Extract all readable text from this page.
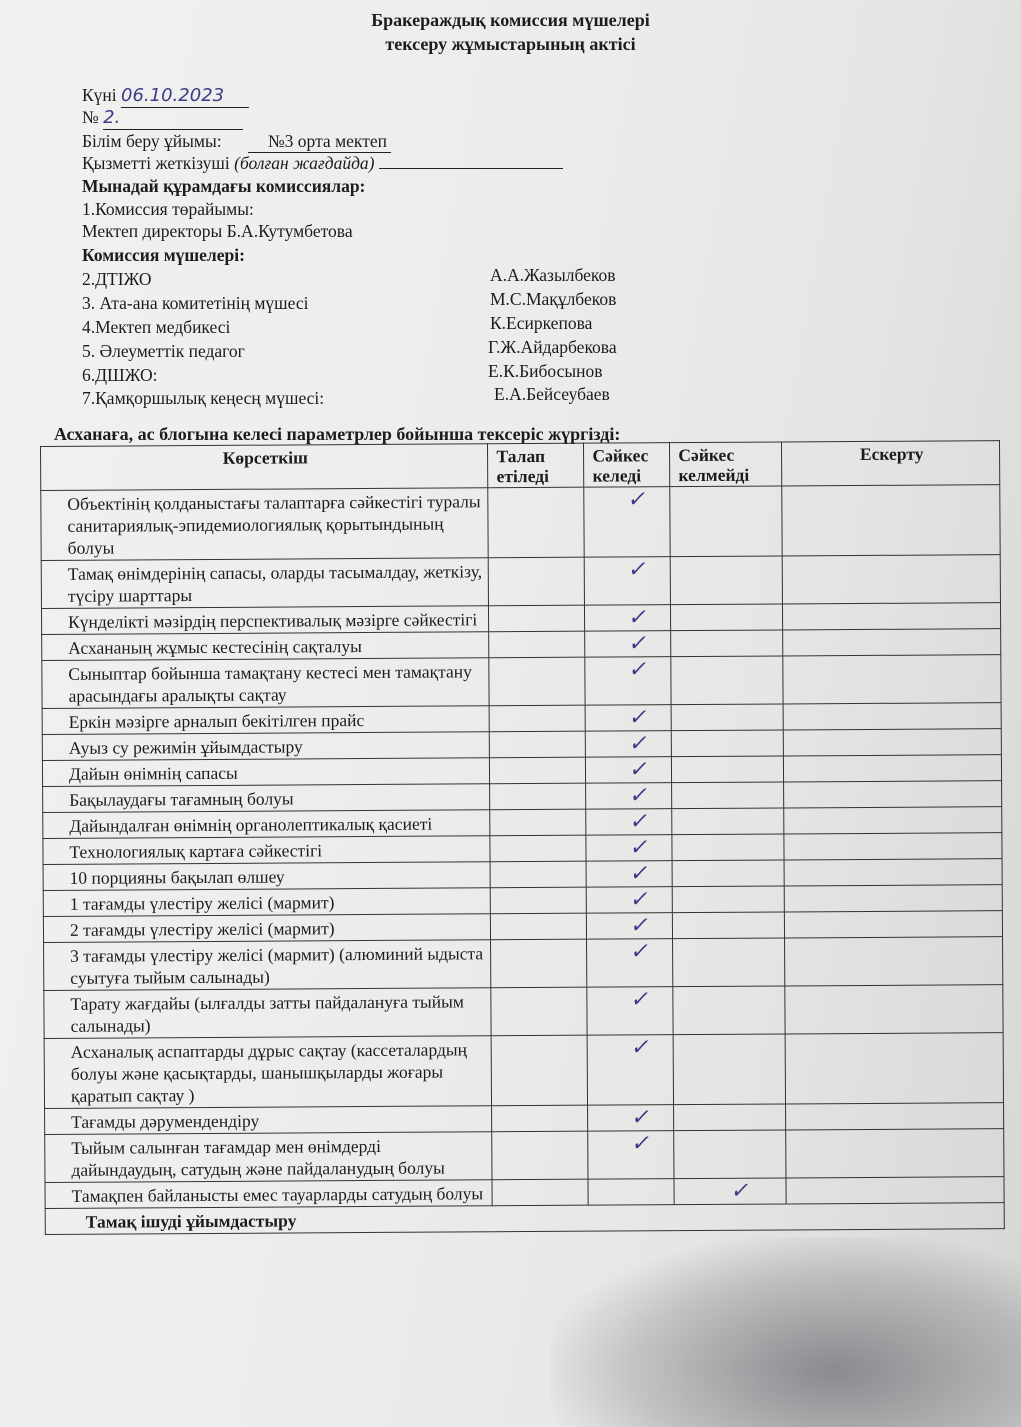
Бракераждық комиссия мүшелері
тексеру жұмыстарының актісі
Күні 06.10.2023
№ 2.
Білім беру ұйымы:	№3 орта мектеп
Қызметті жеткізуші (болған жағдайда)
Мынадай құрамдағы комиссиялар:
1.Комиссия төрайымы:
Мектеп директоры Б.А.Кутумбетова
Комиссия мүшелері:
2.ДТІЖО	А.А.Жазылбеков
3. Ата-ана комитетінің мүшесі	М.С.Мақұлбеков
4.Мектеп медбикесі	К.Есиркепова
5. Әлеуметтік педагог	Г.Ж.Айдарбекова
6.ДШЖО:	Е.К.Бибосынов
7.Қамқоршылық кеңесң мүшесі:	Е.А.Бейсеубаев
Асханаға, ас блогына келесі параметрлер бойынша тексеріс жүргізді:
Көрсеткіш	Талап етіледі	Сәйкес келеді	Сәйкес келмейді	Ескерту
Объектінің қолданыстағы талаптарға сәйкестігі туралы санитариялық-эпидемиологиялық қорытындының болуы		✓		
Тамақ өнімдерінің сапасы, оларды тасымалдау, жеткізу, түсіру шарттары		✓		
Күнделікті мәзірдің перспективалық мәзірге сәйкестігі		✓		
Асхананың жұмыс кестесінің сақталуы		✓		
Сыныптар бойынша тамақтану кестесі мен тамақтану арасындағы аралықты сақтау		✓		
Еркін мәзірге арналып бекітілген прайс		✓		
Ауыз су режимін ұйымдастыру		✓		
Дайын өнімнің сапасы		✓		
Бақылаудағы тағамның болуы		✓		
Дайындалған өнімнің органолептикалық қасиеті		✓		
Технологиялық картаға сәйкестігі		✓		
10 порцияны бақылап өлшеу		✓		
1 тағамды үлестіру желісі (мармит)		✓		
2 тағамды үлестіру желісі (мармит)		✓		
3 тағамды үлестіру желісі (мармит) (алюминий ыдыста суытуға тыйым салынады)		✓		
Тарату жағдайы (ылғалды затты пайдалануға тыйым салынады)		✓		
Асханалық аспаптарды дұрыс сақтау (кассеталардың болуы және қасықтарды, шанышқыларды жоғары қаратып сақтау )		✓		
Тағамды дәрумендендіру		✓		
Тыйым салынған тағамдар мен өнімдерді дайындаудың, сатудың және пайдаланудың болуы		✓		
Тамақпен байланысты емес тауарларды сатудың болуы			✓	
Тамақ ішуді ұйымдастыру				
